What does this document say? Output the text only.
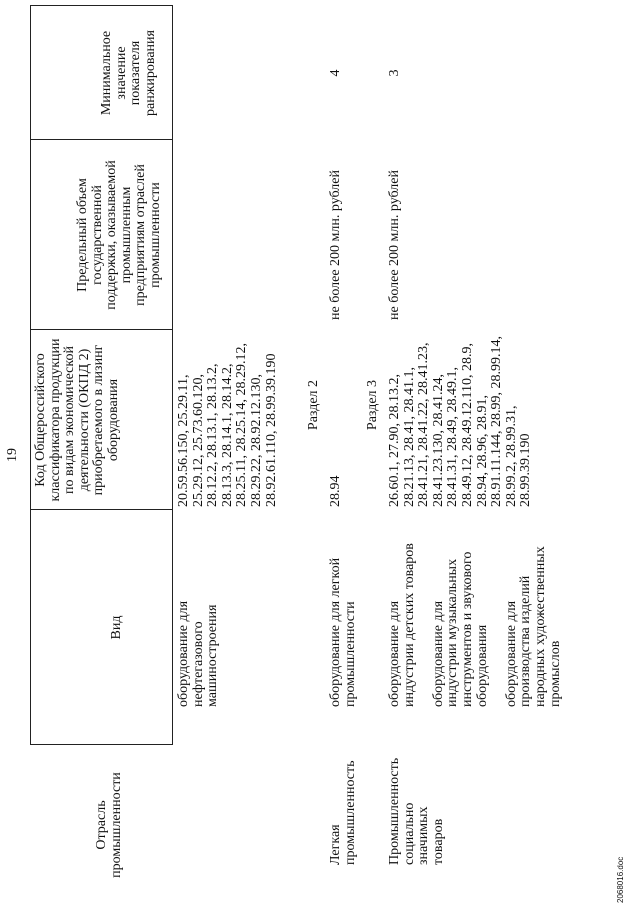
19
Отрасль
промышленности
Вид
Код Общероссийского
классификатора продукции
по видам экономической
деятельности (ОКПД 2)
приобретаемого в лизинг
оборудования
Предельный объем
государственной
поддержки, оказываемой
промышленным
предприятиям отраслей
промышленности
Минимальное
значение
показателя
ранжирования
оборудование для
нефтегазового
машиностроения
20.59.56.150, 25.29.11,
25.29.12, 25.73.60.120,
28.12.2, 28.13.1, 28.13.2,
28.13.3, 28.14.1, 28.14.2,
28.25.11, 28.25.14, 28.29.12,
28.29.22, 28.92.12.130,
28.92.61.110, 28.99.39.190 Раздел 2
Легкая
промышленность
оборудование для легкой
промышленности
28.94
не более 200 млн. рублей
4
Раздел 3
Промышленность
социально значимых
товаров
оборудование для
индустрии детских товаров

оборудование для
индустрии музыкальных
инструментов и звукового
оборудования

оборудование для
производства изделий
народных художественных
промыслов
26.60.1, 27.90, 28.13.2,
28.21.13, 28.41, 28.41.1,
28.41.21, 28.41.22, 28.41.23,
28.41.23.130, 28.41.24,
28.41.31, 28.49, 28.49.1,
28.49.12, 28.49.12.110, 28.9,
28.94, 28.96, 28.91,
28.91.11.144, 28.99, 28.99.14,
28.99.2, 28.99.31,
28.99.39.190
не более 200 млн. рублей
3
2068016.doc
